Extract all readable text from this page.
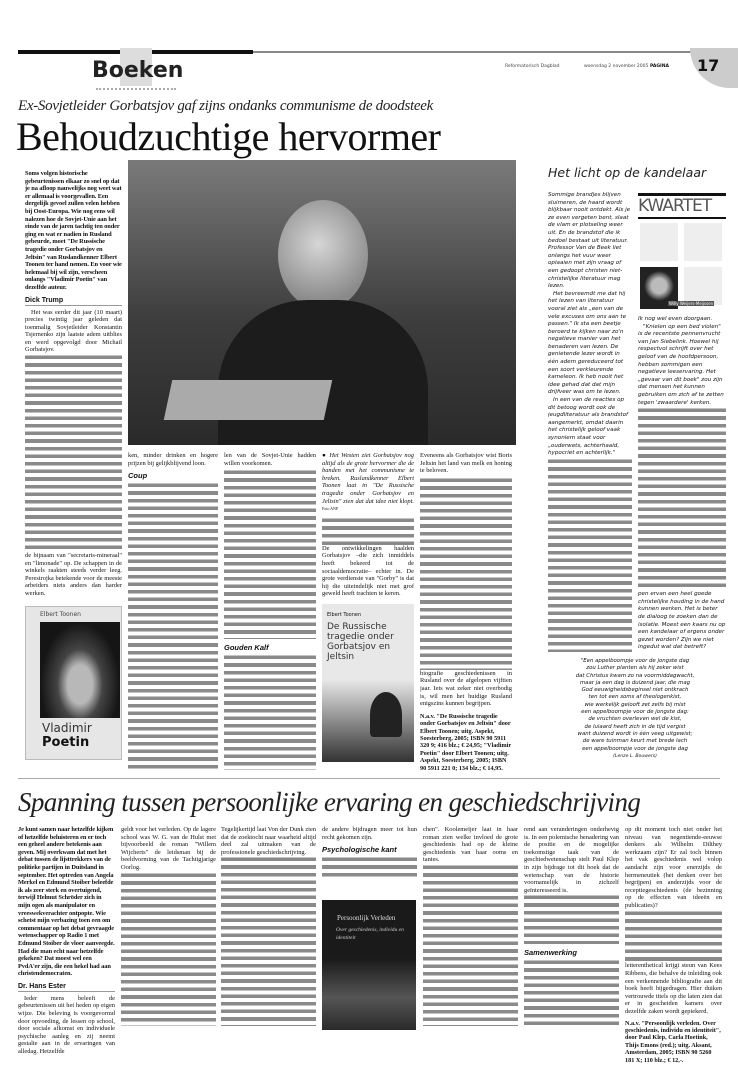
Boeken	Reformatorisch Dagblad	woensdag 2 november 2005 PAGINA 17
Ex-Sovjetleider Gorbatsjov gaf zijns ondanks communisme de doodsteek
Behoudzuchtige hervormer

Soms volgen historische gebeurtenissen elkaar zo snel op dat je na afloop nauwelijks nog weet wat er allemaal is voorgevallen. Een dergelijk gevoel zullen velen hebben bij Oost-Europa. Wie nog eens wil nalezen hoe de Sovjet-Unie aan het einde van de jaren tachtig ten onder ging en wat er nadien in Rusland gebeurde, moet "De Russische tragedie onder Gorbatsjov en Jeltsin" van Ruslandkenner Elbert Toonen ter hand nemen. En voor wie helemaal bij wil zijn, verscheen onlangs "Vladimir Poetin" van dezelfde auteur.

Dick Trump

Het was eerder dit jaar (10 maart) precies twintig jaar geleden dat toenmalig Sovjetleider Konstantin Tsjernenko zijn laatste adem uitblies en werd opgevolgd door Michail Gorbatsjov.

de bijnaam van "secretaris-mineraal" en "limonade" op. De schappen in de winkels raakten steeds verder leeg. Perestrojka betekende voor de meeste arbeiders niets anders dan harder werken.

Elbert Toonen
Vladimir
Poetin

ken, minder drinken en hogere prijzen bij gelijkblijvend loon.

Coup

len van de Sovjet-Unie hadden willen voorkomen.

Gouden Kalf

● Het Westen ziet Gorbatsjov nog altijd als de grote hervormer die de banden met het communisme te breken. Ruslandkenner Elbert Toonen laat in "De Russische tragedie onder Gorbatsjov en Jeltsin" zien dat dat idee niet klopt. Foto ANP

De ontwikkelingen haalden Gorbatsjov –die zich inmiddels heeft bekeerd tot de sociaaldemocratie– echter in. De grote verdienste van "Gorby" is dat hij die uiteindelijk niet met grof geweld heeft trachten te keren.

Elbert Toonen
De Russische tragedie onder Gorbatsjov en Jeltsin

Eveneens als Gorbatsjov wist Boris Jeltsin het land van melk en honing te beloven.

biografie geschiedenissen in Rusland over de afgelopen vijftien jaar. Iets wat zeker niet overbodig is, wil men het huidige Rusland enigszins kunnen begrijpen.

N.a.v. "De Russische tragedie onder Gorbatsjov en Jeltsin" door Elbert Toonen; uitg. Aspekt, Soesterberg, 2005; ISBN 90 5911 320 9; 416 blz.; € 24,95; "Vladimir Poetin" door Elbert Toonen; uitg. Aspekt, Soesterberg, 2005; ISBN 90 5911 221 0; 134 blz.; € 14,95.

Het licht op de kandelaar

Sommige brandjes blijven sluimeren, de haard wordt blijkbaar nooit ontdekt. Als je ze even vergeten bent, slaat de vlam er plotseling weer uit. En de brandstof die ik bedoel bestaat uit literatuur. Professor Van de Beek liet onlangs het vuur weer oplaaien met zijn vraag of een gedoopt christen niet-christelijke literatuur mag lezen.

Het bevreemdt me dat hij het lezen van literatuur vooral ziet als „een van de vele excuses om ons aan te passen." Ik sta een beetje beroerd te kijken naar zo'n negatieve manier van het benaderen van lezen. De genietende lezer wordt in één adem gereduceerd tot een soort verkleurende kameleon. Ik heb nooit het idee gehad dat dat mijn drijfveer was om te lezen.

In een van de reacties op dit betoog wordt ook de jeugdliteratuur als brandstof aangemerkt, omdat daarin het christelijk geloof vaak synoniem staat voor „ouderwets, achterhaald, hypocriet en achterlijk."

KWARTET
Willy Weijers-Meijssen

Ik nog wel even doorgaan.

"Knielen op een bed violen" is de recentste pennenvrucht van Jan Siebelink. Hoewel hij respectvol schrijft over het geloof van de hoofdpersoon, hebben sommigen een negatieve leeservaring. Het „gevaar van dit boek" zou zijn dat mensen het kunnen gebruiken om zich af te zetten tegen 'zwaardere' kerken.

pen ervan een heel goede christelijke houding in de hand kunnen werken. Het is beter de dialoog te zoeken dan de isolatie. Moest een kaars nu op een kandelaar of ergens onder gezet worden? Zijn we niet ingedut wat dat betreft?

"Een appelboompje voor de jongste dag
zou Luther planten als hij zeker wist
dat Christus kwam zo na voormiddagwacht,
maar ja een dag is duizend jaar, die mag
God eeuwigheidsbeginsel niet ontkrach
ten tot een soms af theologenkist,
wie werkelijk gelooft zet zelfs bij mist
een appelboompje voor de jongste dag:
de vruchten overleven wel de kist,
de luiaard heeft zich in de tijd vergist
want duizend wordt in één veeg uitgewist;
de ware tuinman keurt met brede lach
een appelboompje voor de jongste dag
(Lenze L. Bouwers)
Spanning tussen persoonlijke ervaring en geschiedschrijving

Je kunt samen naar hetzelfde kijken of hetzelfde beluisteren en er toch een geheel andere betekenis aan geven. Mij overkwam dat met het debat tussen de lijsttrekkers van de politieke partijen in Duitsland in september. Het optreden van Angela Merkel en Edmund Stoiber beleefde ik als zeer sterk en overtuigend, terwijl Helmut Schröder zich in mijn ogen als manipulator en vreeswekverachter ontpopte. Wie schetst mijn verbazing toen een om commentaar op het debat gevraagde wetenschapper op Radio 1 met Edmund Stoiber de vloer aanveegde. Had die man echt naar hetzelfde gekeken? Dat moest wel een PvdA'er zijn, die een hekel had aan christendemocraten.

Dr. Hans Ester

Ieder mens beleeft de gebeurtenissen uit het heden op eigen wijze. Die beleving is voorgevormd door opvoeding, de lessen op school, door sociale afkomst en individuele psychische aanleg en zij neemt gestalte aan in de ervaringen van alledag. Hetzelfde

geldt voor het verleden. Op de lagere school was W. G. van de Hulst met bijvoorbeeld de roman "Willem Wijcherts" de leidsman bij de beeldvorming van de Tachtigjarige Oorlog.

Tegelijkertijd laat Von der Dunk zien dat de zoektocht naar waarheid altijd deel zal uitmaken van de professionele geschiedschrijving.

de andere bijdragen meer tot hun recht gekomen zijn.

Psychologische kant
Persoonlijk Verleden
Over geschiedenis, individu en identiteit

chen". Koolemeijer laat in haar roman zien welke invloed de grote geschiedenis had op de kleine geschiedenis van haar ooms en tantes.

rend aan veranderingen onderhevig is. In een polemische benadering van de positie en de mogelijke toekomstige taak van de geschiedwetenschap stelt Paul Klep in zijn bijdrage tot dit boek dat de wetenschap van de historie voornamelijk in zichzelf geïnteresseerd is.

Samenwerking

op dit moment toch niet onder het niveau van negentiende-eeuwse denkers als Wilhelm Dilthey werkzaam zijn? Er zal toch binnen het vak geschiedenis wel volop aandacht zijn voor enerzijds de hermeneutiek (het denken over het begrijpen) en anderzijds voor de receptiegeschiedenis (de bezinning op de effecten van ideeën en publicaties)?

letterenthetical krijgt steun van Kees Ribbens, die behalve de inleiding ook een verkennende bibliografie aan dit boek heeft bijgedragen. Hier duiken vertrouwde titels op die laten zien dat er in gescheiden kamers over dezelfde zaken wordt gepiekerd.

N.a.v. "Persoonlijk verleden. Over geschiedenis, individu en identiteit", door Paul Klep, Carla Hoetink, Thijs Emons (red.); uitg. Aksant, Amsterdam, 2005; ISBN 90 5260 181 X; 110 blz.; € 12,-.
